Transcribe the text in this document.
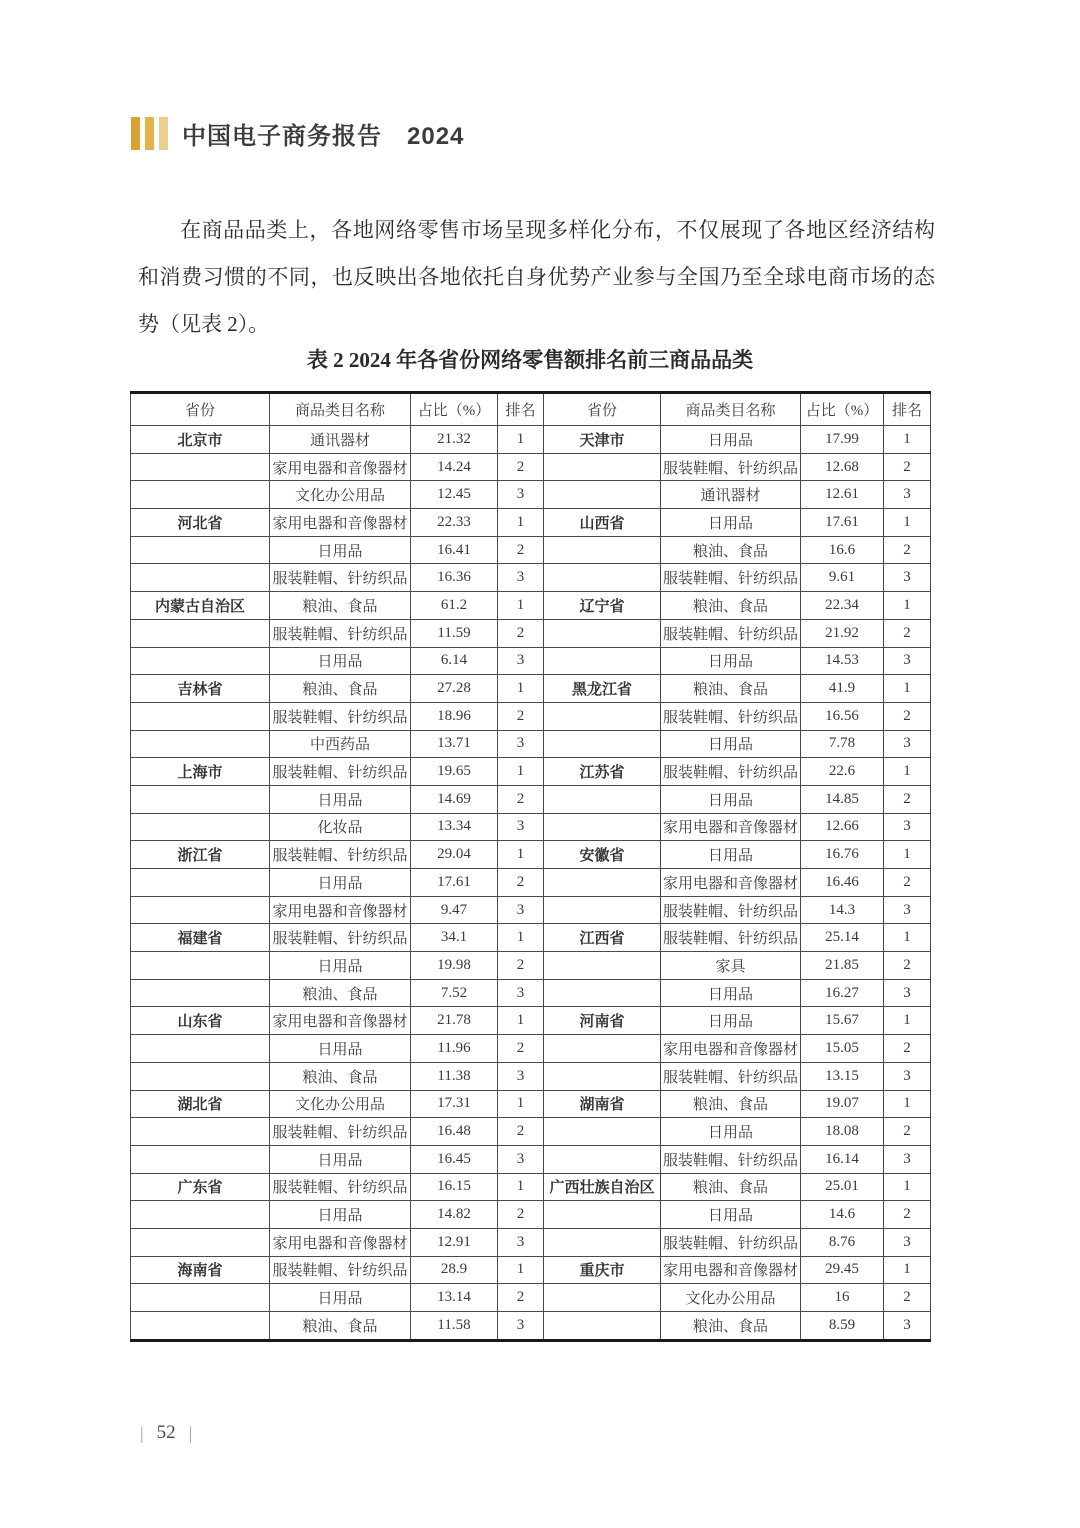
中国电子商务报告　2024
在商品品类上，各地网络零售市场呈现多样化分布，不仅展现了各地区经济结构和消费习惯的不同，也反映出各地依托自身优势产业参与全国乃至全球电商市场的态势（见表 2）。
表 2 2024 年各省份网络零售额排名前三商品品类
省份	商品类目名称	占比（%）	排名	省份	商品类目名称	占比（%）	排名
北京市	通讯器材	21.32	1	天津市	日用品	17.99	1
	家用电器和音像器材	14.24	2		服装鞋帽、针纺织品	12.68	2
	文化办公用品	12.45	3		通讯器材	12.61	3
河北省	家用电器和音像器材	22.33	1	山西省	日用品	17.61	1
	日用品	16.41	2		粮油、食品	16.6	2
	服装鞋帽、针纺织品	16.36	3		服装鞋帽、针纺织品	9.61	3
内蒙古自治区	粮油、食品	61.2	1	辽宁省	粮油、食品	22.34	1
	服装鞋帽、针纺织品	11.59	2		服装鞋帽、针纺织品	21.92	2
	日用品	6.14	3		日用品	14.53	3
吉林省	粮油、食品	27.28	1	黑龙江省	粮油、食品	41.9	1
	服装鞋帽、针纺织品	18.96	2		服装鞋帽、针纺织品	16.56	2
	中西药品	13.71	3		日用品	7.78	3
上海市	服装鞋帽、针纺织品	19.65	1	江苏省	服装鞋帽、针纺织品	22.6	1
	日用品	14.69	2		日用品	14.85	2
	化妆品	13.34	3		家用电器和音像器材	12.66	3
浙江省	服装鞋帽、针纺织品	29.04	1	安徽省	日用品	16.76	1
	日用品	17.61	2		家用电器和音像器材	16.46	2
	家用电器和音像器材	9.47	3		服装鞋帽、针纺织品	14.3	3
福建省	服装鞋帽、针纺织品	34.1	1	江西省	服装鞋帽、针纺织品	25.14	1
	日用品	19.98	2		家具	21.85	2
	粮油、食品	7.52	3		日用品	16.27	3
山东省	家用电器和音像器材	21.78	1	河南省	日用品	15.67	1
	日用品	11.96	2		家用电器和音像器材	15.05	2
	粮油、食品	11.38	3		服装鞋帽、针纺织品	13.15	3
湖北省	文化办公用品	17.31	1	湖南省	粮油、食品	19.07	1
	服装鞋帽、针纺织品	16.48	2		日用品	18.08	2
	日用品	16.45	3		服装鞋帽、针纺织品	16.14	3
广东省	服装鞋帽、针纺织品	16.15	1	广西壮族自治区	粮油、食品	25.01	1
	日用品	14.82	2		日用品	14.6	2
	家用电器和音像器材	12.91	3		服装鞋帽、针纺织品	8.76	3
海南省	服装鞋帽、针纺织品	28.9	1	重庆市	家用电器和音像器材	29.45	1
	日用品	13.14	2		文化办公用品	16	2
	粮油、食品	11.58	3		粮油、食品	8.59	3
| 52 |
